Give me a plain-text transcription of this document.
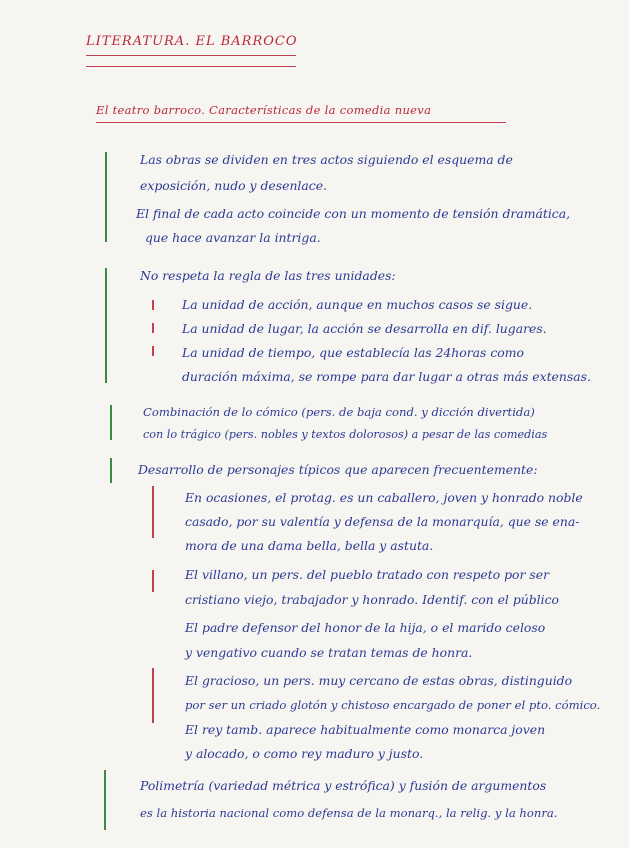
LITERATURA. EL BARROCO
El teatro barroco. Características de la comedia nueva
Las obras se dividen en tres actos siguiendo el esquema de
exposición, nudo y desenlace.
El final de cada acto coincide con un momento de tensión dramática,
que hace avanzar la intriga.
No respeta la regla de las tres unidades:
La unidad de acción, aunque en muchos casos se sigue.
La unidad de lugar, la acción se desarrolla en dif. lugares.
La unidad de tiempo, que establecía las 24horas como
duración máxima, se rompe para dar lugar a otras más extensas.
Combinación de lo cómico (pers. de baja cond. y dicción divertida)
con lo trágico (pers. nobles y textos dolorosos) a pesar de las comedias
Desarrollo de personajes típicos que aparecen frecuentemente:
En ocasiones, el protag. es un caballero, joven y honrado noble
casado, por su valentía y defensa de la monarquía, que se ena-
mora de una dama bella, bella y astuta.
El villano, un pers. del pueblo tratado con respeto por ser
cristiano viejo, trabajador y honrado. Identif. con el público
El padre defensor del honor de la hija, o el marido celoso
y vengativo cuando se tratan temas de honra.
El gracioso, un pers. muy cercano de estas obras, distinguido
por ser un criado glotón y chistoso encargado de poner el pto. cómico.
El rey tamb. aparece habitualmente como monarca joven
y alocado, o como rey maduro y justo.
Polimetría (variedad métrica y estrófica) y fusión de argumentos
es la historia nacional como defensa de la monarq., la relig. y la honra.
